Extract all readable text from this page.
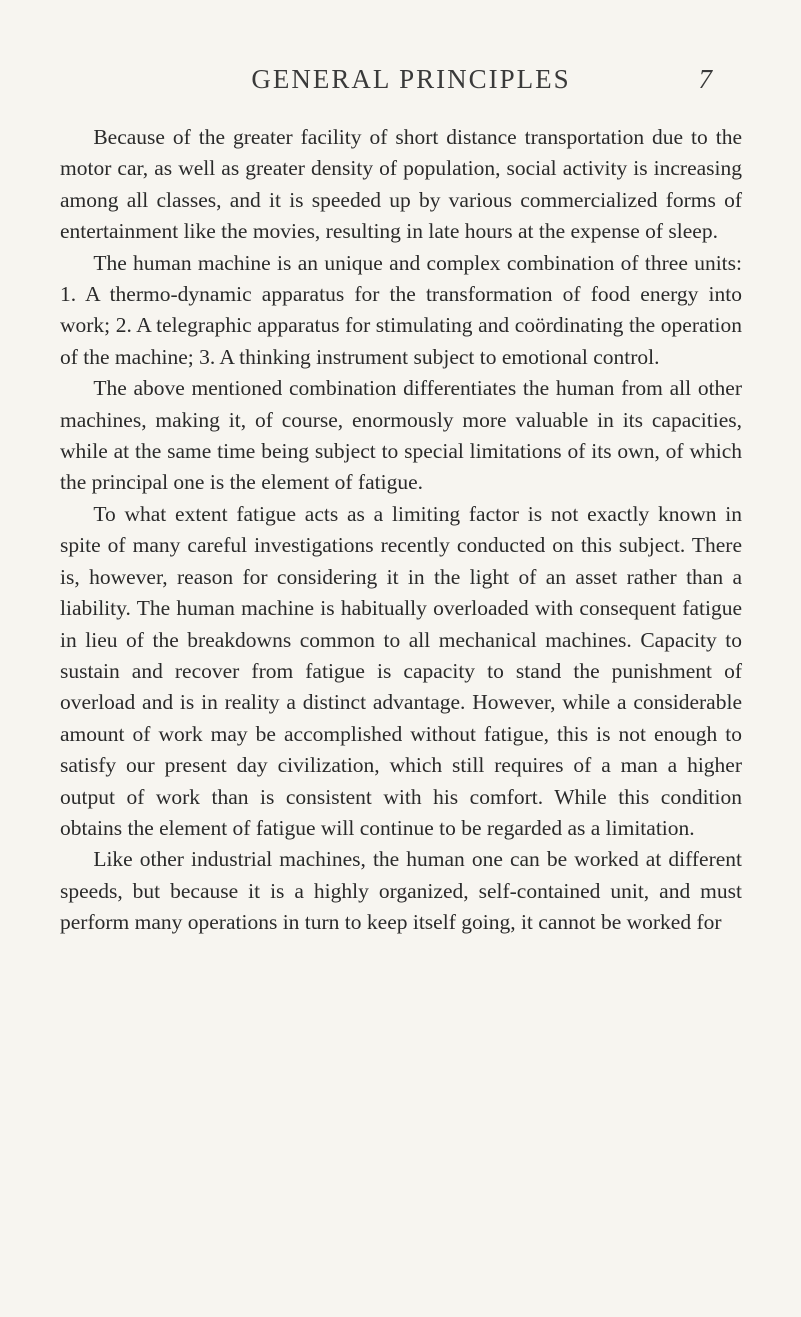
GENERAL PRINCIPLES	7

Because of the greater facility of short distance transportation due to the motor car, as well as greater density of population, social activity is increasing among all classes, and it is speeded up by various commercialized forms of entertainment like the movies, resulting in late hours at the expense of sleep.

The human machine is an unique and complex combination of three units: 1. A thermo-dynamic apparatus for the transformation of food energy into work; 2. A telegraphic apparatus for stimulating and coördinating the operation of the machine; 3. A thinking instrument subject to emotional control.

The above mentioned combination differentiates the human from all other machines, making it, of course, enormously more valuable in its capacities, while at the same time being subject to special limitations of its own, of which the principal one is the element of fatigue.

To what extent fatigue acts as a limiting factor is not exactly known in spite of many careful investigations recently conducted on this subject. There is, however, reason for considering it in the light of an asset rather than a liability. The human machine is habitually overloaded with consequent fatigue in lieu of the breakdowns common to all mechanical machines. Capacity to sustain and recover from fatigue is capacity to stand the punishment of overload and is in reality a distinct advantage. However, while a considerable amount of work may be accomplished without fatigue, this is not enough to satisfy our present day civilization, which still requires of a man a higher output of work than is consistent with his comfort. While this condition obtains the element of fatigue will continue to be regarded as a limitation.

Like other industrial machines, the human one can be worked at different speeds, but because it is a highly organized, self-contained unit, and must perform many operations in turn to keep itself going, it cannot be worked for
